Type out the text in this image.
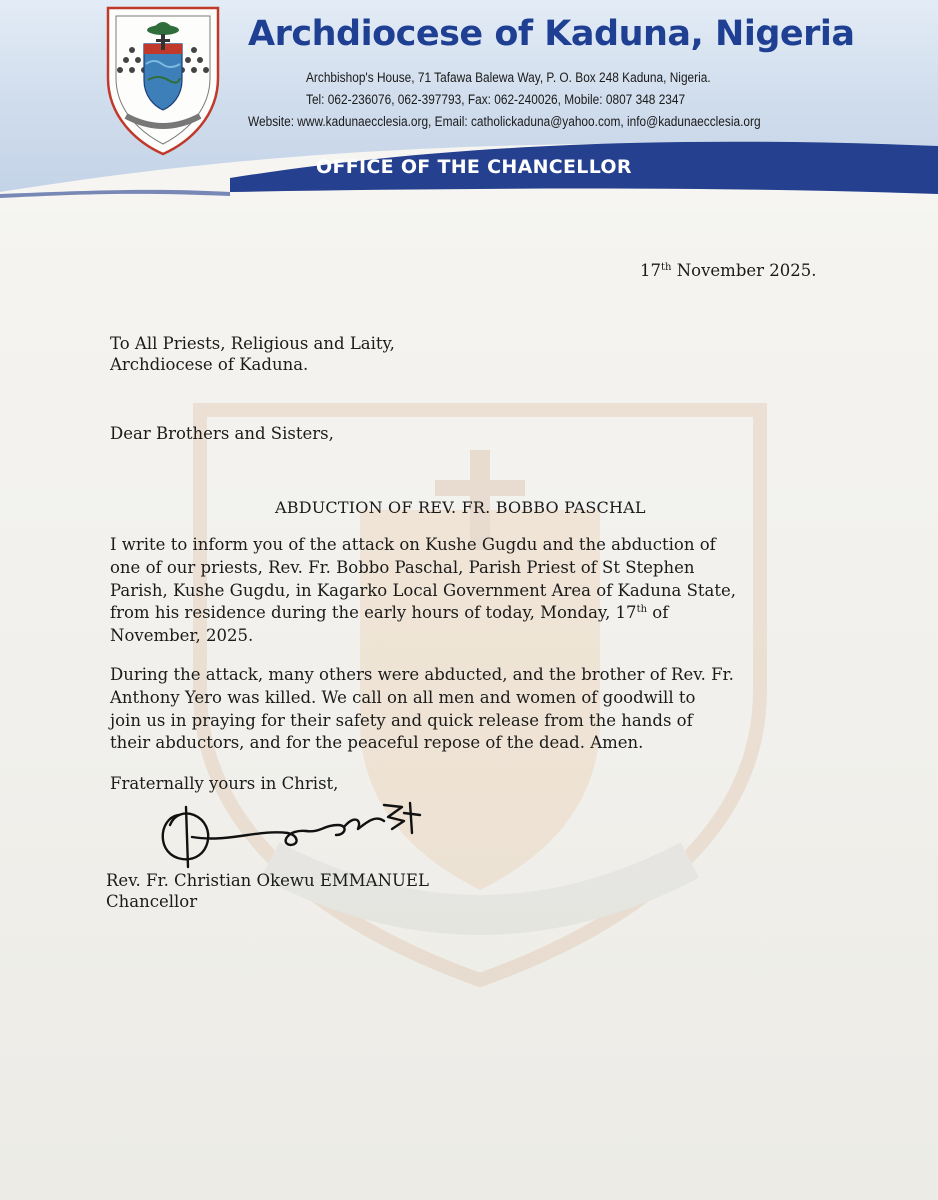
Archdiocese of Kaduna, Nigeria
Archbishop's House, 71 Tafawa Balewa Way, P. O. Box 248 Kaduna, Nigeria.
Tel: 062-236076, 062-397793, Fax: 062-240026, Mobile: 0807 348 2347
Website: www.kadunaecclesia.org, Email: catholickaduna@yahoo.com, info@kadunaecclesia.org
OFFICE OF THE CHANCELLOR
17th November 2025.
To All Priests, Religious and Laity,
Archdiocese of Kaduna.
Dear Brothers and Sisters,
ABDUCTION OF REV. FR. BOBBO PASCHAL
I write to inform you of the attack on Kushe Gugdu and the abduction of
one of our priests, Rev. Fr. Bobbo Paschal, Parish Priest of St Stephen
Parish, Kushe Gugdu, in Kagarko Local Government Area of Kaduna State,
from his residence during the early hours of today, Monday, 17th of
November, 2025.
During the attack, many others were abducted, and the brother of Rev. Fr.
Anthony Yero was killed. We call on all men and women of goodwill to
join us in praying for their safety and quick release from the hands of
their abductors, and for the peaceful repose of the dead. Amen.
Fraternally yours in Christ,
Rev. Fr. Christian Okewu EMMANUEL
Chancellor
